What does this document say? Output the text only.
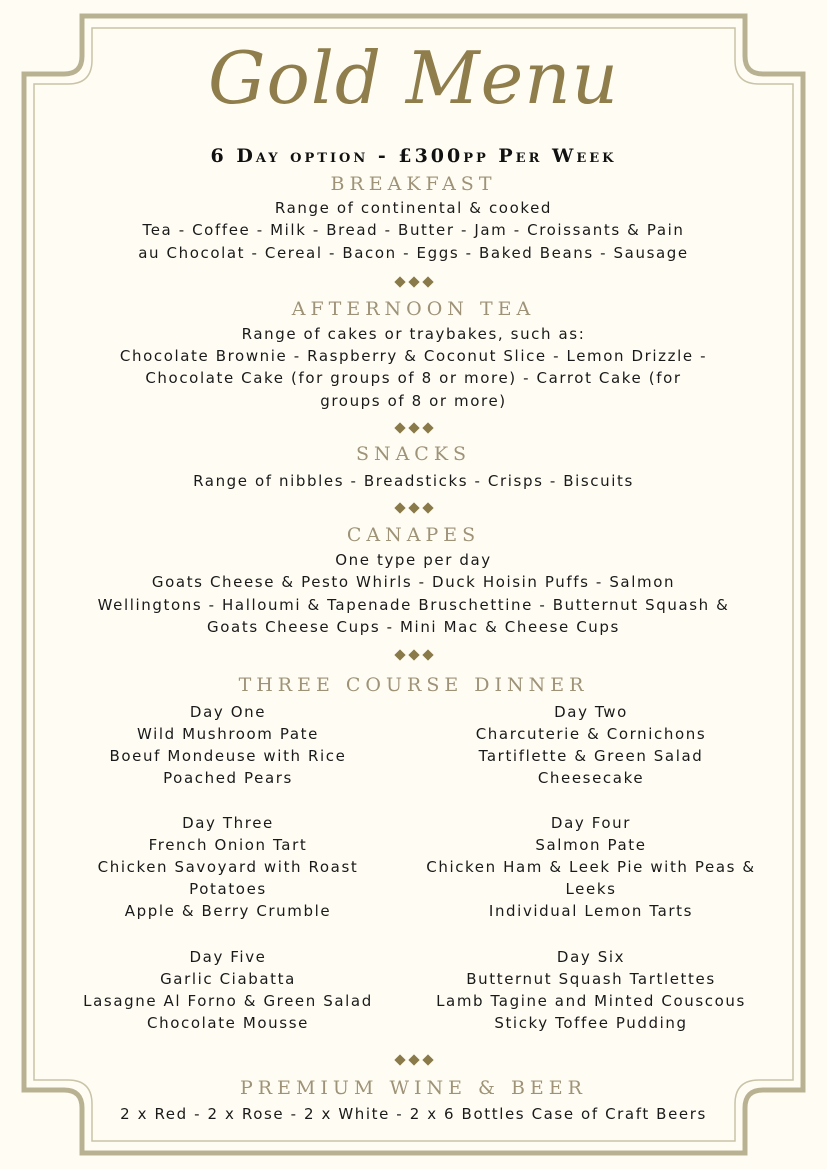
Gold Menu
6 Day option - £300pp Per Week
BREAKFAST
Range of continental & cooked
Tea - Coffee - Milk - Bread - Butter - Jam - Croissants & Pain
au Chocolat - Cereal - Bacon - Eggs - Baked Beans - Sausage
AFTERNOON TEA
Range of cakes or traybakes, such as:
Chocolate Brownie - Raspberry & Coconut Slice - Lemon Drizzle -
Chocolate Cake (for groups of 8 or more) - Carrot Cake (for
groups of 8 or more)
SNACKS
Range of nibbles - Breadsticks - Crisps - Biscuits
CANAPES
One type per day
Goats Cheese & Pesto Whirls - Duck Hoisin Puffs - Salmon
Wellingtons - Halloumi & Tapenade Bruschettine - Butternut Squash &
Goats Cheese Cups - Mini Mac & Cheese Cups
THREE COURSE DINNER
Day One
Wild Mushroom Pate
Boeuf Mondeuse with Rice
Poached Pears
Day Two
Charcuterie & Cornichons
Tartiflette & Green Salad
Cheesecake
Day Three
French Onion Tart
Chicken Savoyard with Roast Potatoes
Apple & Berry Crumble
Day Four
Salmon Pate
Chicken Ham & Leek Pie with Peas & Leeks
Individual Lemon Tarts
Day Five
Garlic Ciabatta
Lasagne Al Forno & Green Salad
Chocolate Mousse
Day Six
Butternut Squash Tartlettes
Lamb Tagine and Minted Couscous
Sticky Toffee Pudding
PREMIUM WINE & BEER
2 x Red - 2 x Rose - 2 x White - 2 x 6 Bottles Case of Craft Beers
